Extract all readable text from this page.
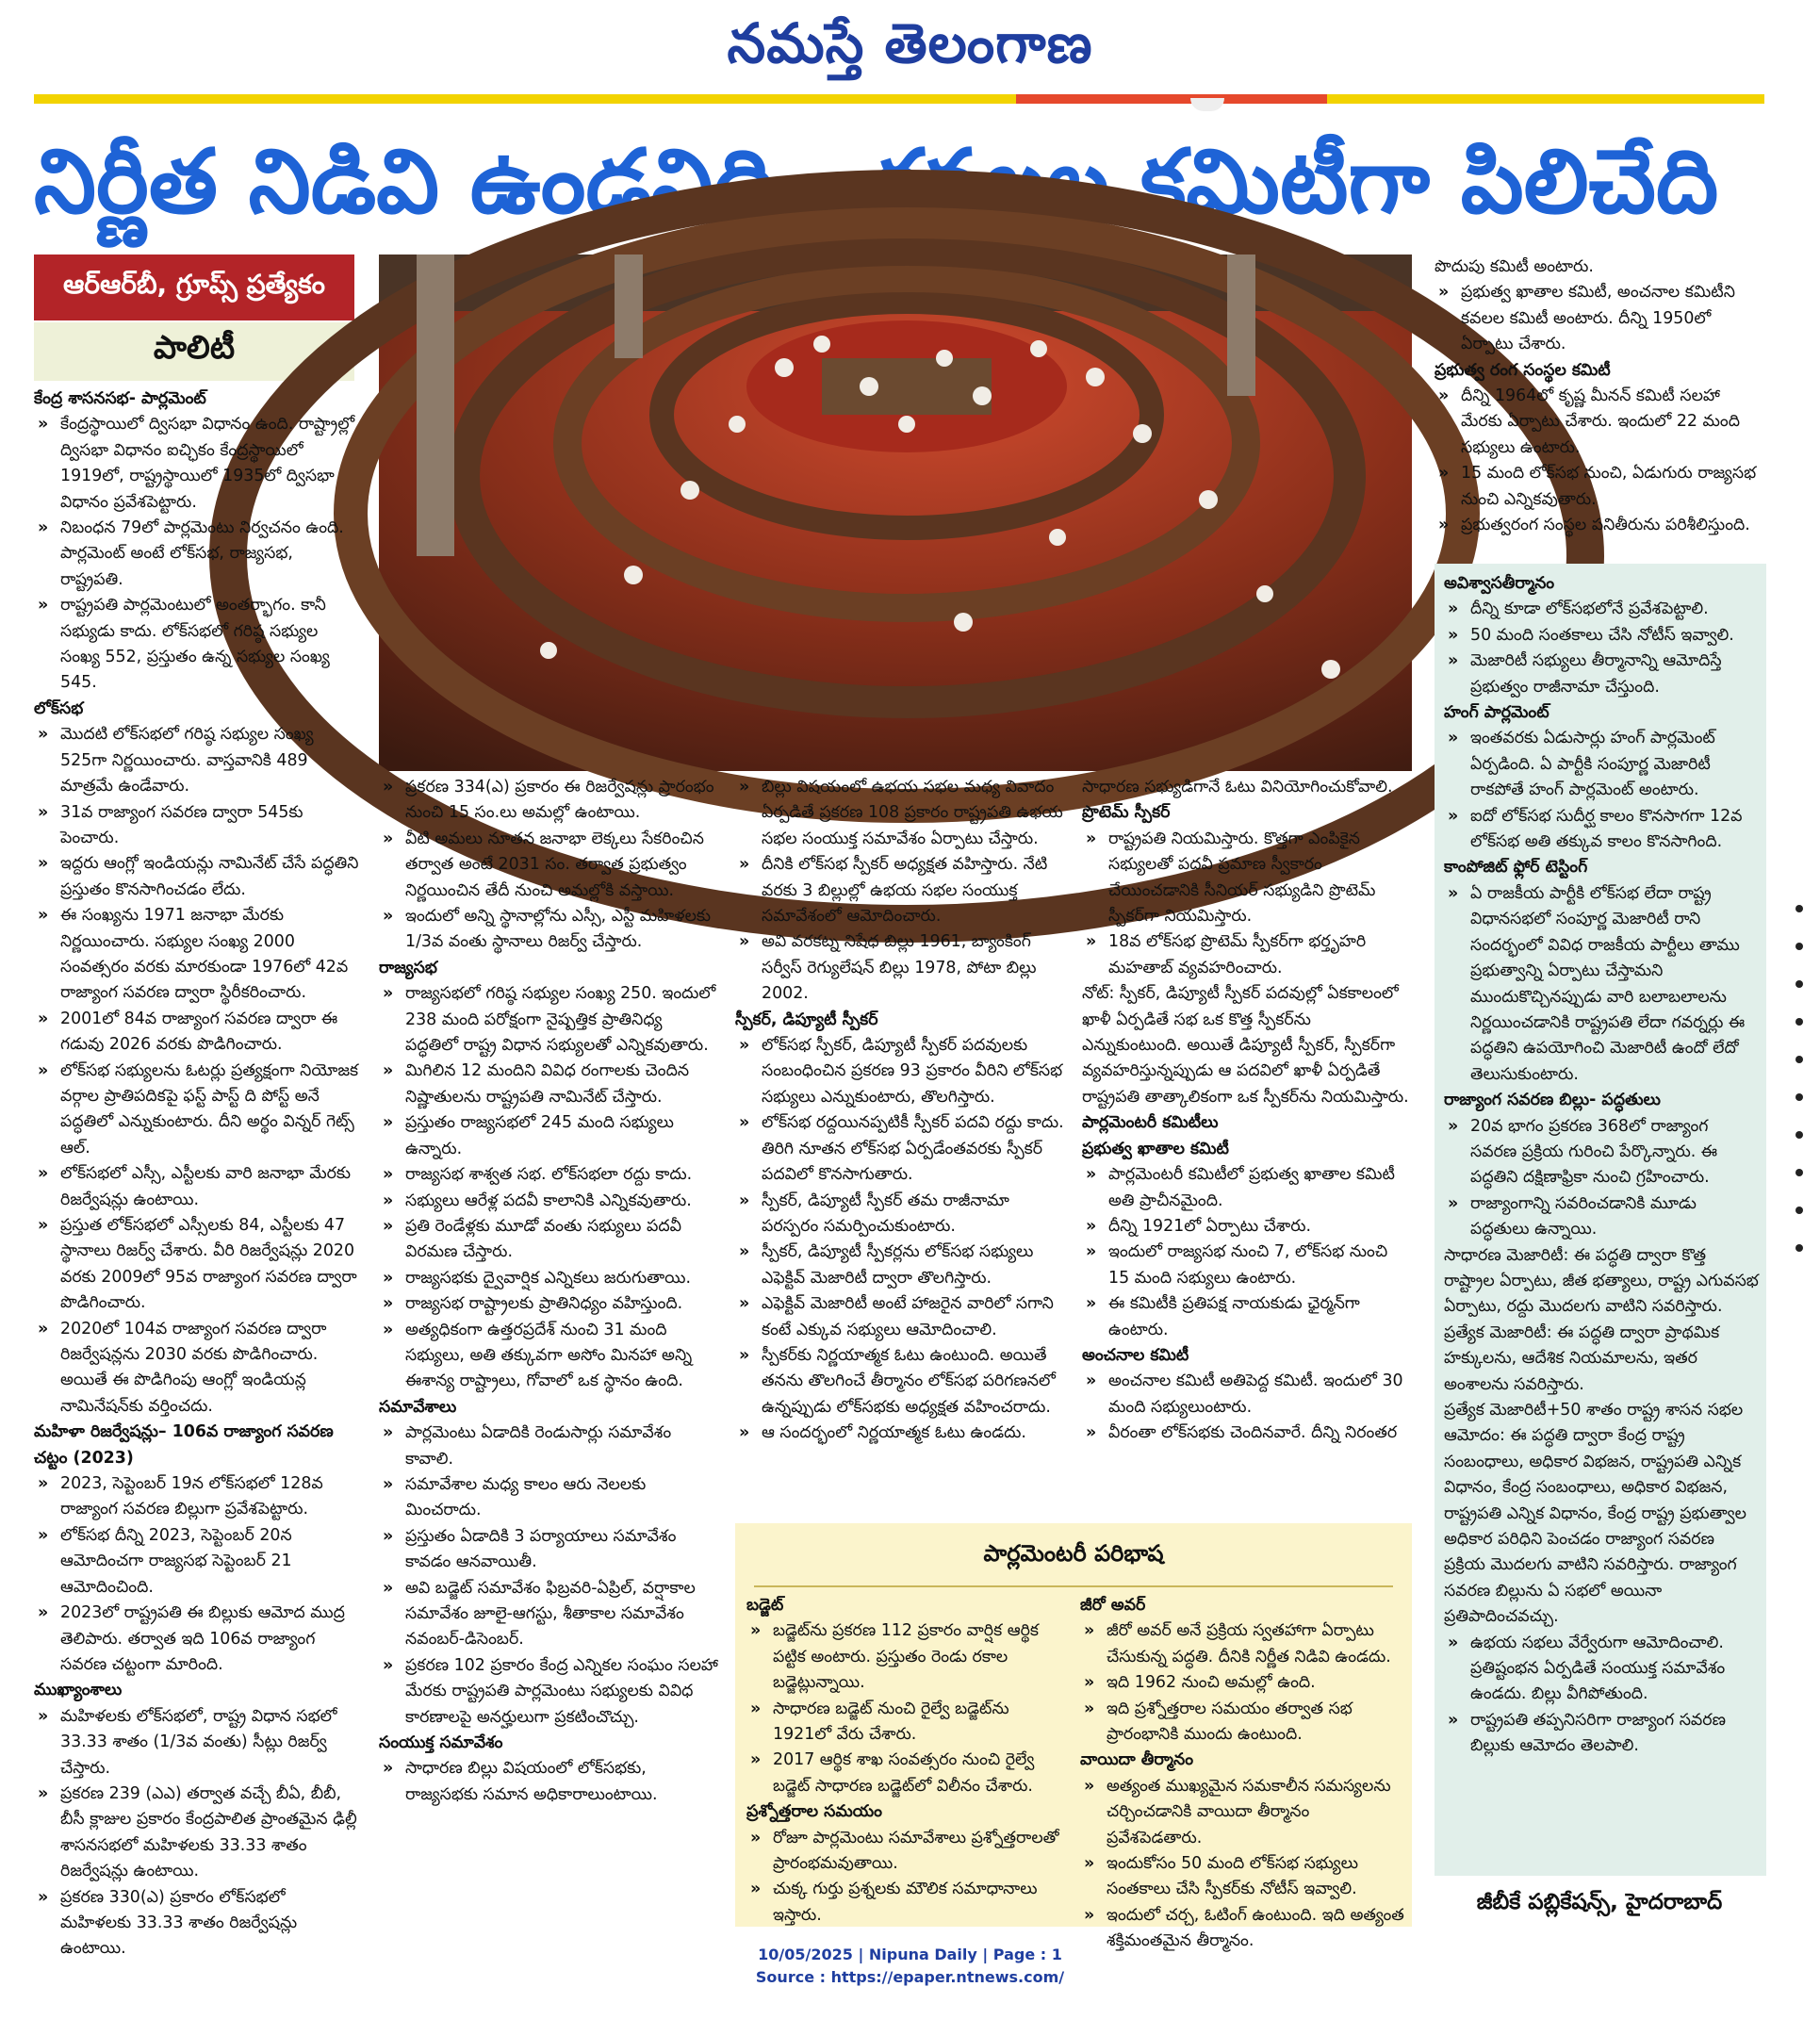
నమస్తే తెలంగాణ
నిర్ణీత నిడివి ఉండనిది.. కవలల కమిటీగా పిలిచేది
ఆర్ఆర్‌బీ, గ్రూప్స్ ప్రత్యేకం
పాలిటీ

కేంద్ర శాసనసభ- పార్లమెంట్

» కేంద్రస్థాయిలో ద్విసభా విధానం ఉంది. రాష్ట్రాల్లో ద్విసభా విధానం ఐచ్ఛికం కేంద్రస్థాయిలో 1919లో, రాష్ట్రస్థాయిలో 1935లో ద్విసభా విధానం ప్రవేశపెట్టారు.

» నిబంధన 79లో పార్లమెంటు నిర్వచనం ఉంది. పార్లమెంట్ అంటే లోక్‌సభ, రాజ్యసభ, రాష్ట్రపతి.

» రాష్ట్రపతి పార్లమెంటులో అంతర్భాగం. కానీ సభ్యుడు కాదు. లోక్‌సభలో గరిష్ఠ సభ్యుల సంఖ్య 552, ప్రస్తుతం ఉన్న సభ్యుల సంఖ్య 545.

లోక్‌సభ

» మొదటి లోక్‌సభలో గరిష్ఠ సభ్యుల సంఖ్య 525గా నిర్ణయించారు. వాస్తవానికి 489 మాత్రమే ఉండేవారు.

» 31వ రాజ్యాంగ సవరణ ద్వారా 545కు పెంచారు.

» ఇద్దరు ఆంగ్లో ఇండియన్లు నామినేట్ చేసే పద్ధతిని ప్రస్తుతం కొనసాగించడం లేదు.

» ఈ సంఖ్యను 1971 జనాభా మేరకు నిర్ణయించారు. సభ్యుల సంఖ్య 2000 సంవత్సరం వరకు మారకుండా 1976లో 42వ రాజ్యాంగ సవరణ ద్వారా స్థిరీకరించారు.

» 2001లో 84వ రాజ్యాంగ సవరణ ద్వారా ఈ గడువు 2026 వరకు పొడిగించారు.

» లోక్‌సభ సభ్యులను ఓటర్లు ప్రత్యక్షంగా నియోజక వర్గాల ప్రాతిపదికపై ఫస్ట్ పాస్ట్ ది పోస్ట్ అనే పద్ధతిలో ఎన్నుకుంటారు. దీని అర్థం విన్నర్ గెట్స్ ఆల్.

» లోక్‌సభలో ఎస్సీ, ఎస్టీలకు వారి జనాభా మేరకు రిజర్వేషన్లు ఉంటాయి.

» ప్రస్తుత లోక్‌సభలో ఎస్సీలకు 84, ఎస్టీలకు 47 స్థానాలు రిజర్వ్ చేశారు. వీరి రిజర్వేషన్లు 2020 వరకు 2009లో 95వ రాజ్యాంగ సవరణ ద్వారా పొడిగించారు.

» 2020లో 104వ రాజ్యాంగ సవరణ ద్వారా రిజర్వేషన్లను 2030 వరకు పొడిగించారు. అయితే ఈ పొడిగింపు ఆంగ్లో ఇండియన్ల నామినేషన్‌కు వర్తించదు.

మహిళా రిజర్వేషన్లు– 106వ రాజ్యాంగ సవరణ చట్టం (2023)

» 2023, సెప్టెంబర్ 19న లోక్‌సభలో 128వ రాజ్యాంగ సవరణ బిల్లుగా ప్రవేశపెట్టారు.

» లోక్‌సభ దీన్ని 2023, సెప్టెంబర్ 20న ఆమోదించగా రాజ్యసభ సెప్టెంబర్ 21 ఆమోదించింది.

» 2023లో రాష్ట్రపతి ఈ బిల్లుకు ఆమోద ముద్ర తెలిపారు. తర్వాత ఇది 106వ రాజ్యాంగ సవరణ చట్టంగా మారింది.

ముఖ్యాంశాలు

» మహిళలకు లోక్‌సభలో, రాష్ట్ర విధాన సభలో 33.33 శాతం (1/3వ వంతు) సీట్లు రిజర్వ్ చేస్తారు.

» ప్రకరణ 239 (ఎఎ) తర్వాత వచ్చే బీఏ, బీబీ, బీసీ క్లాజుల ప్రకారం కేంద్రపాలిత ప్రాంతమైన ఢిల్లీ శాసనసభలో మహిళలకు 33.33 శాతం రిజర్వేషన్లు ఉంటాయి.

» ప్రకరణ 330(ఎ) ప్రకారం లోక్‌సభలో మహిళలకు 33.33 శాతం రిజర్వేషన్లు ఉంటాయి.

» ప్రకరణ 334(ఎ) ప్రకారం ఈ రిజర్వేషన్లు ప్రారంభం నుంచి 15 సం.లు అమల్లో ఉంటాయి.

» వీటి అమలు నూతన జనాభా లెక్కలు సేకరించిన తర్వాత అంటే 2031 సం. తర్వాత ప్రభుత్వం నిర్ణయించిన తేదీ నుంచి అమల్లోకి వస్తాయి.

» ఇందులో అన్ని స్థానాల్లోను ఎస్సీ, ఎస్టీ మహిళలకు 1/3వ వంతు స్థానాలు రిజర్వ్ చేస్తారు.

రాజ్యసభ

» రాజ్యసభలో గరిష్ఠ సభ్యుల సంఖ్య 250. ఇందులో 238 మంది పరోక్షంగా నైష్పత్తిక ప్రాతినిధ్య పద్ధతిలో రాష్ట్ర విధాన సభ్యులతో ఎన్నికవుతారు.

» మిగిలిన 12 మందిని వివిధ రంగాలకు చెందిన నిష్ణాతులను రాష్ట్రపతి నామినేట్ చేస్తారు.

» ప్రస్తుతం రాజ్యసభలో 245 మంది సభ్యులు ఉన్నారు.

» రాజ్యసభ శాశ్వత సభ. లోక్‌సభలా రద్దు కాదు.

» సభ్యులు ఆరేళ్ల పదవీ కాలానికి ఎన్నికవుతారు.

» ప్రతి రెండేళ్లకు మూడో వంతు సభ్యులు పదవీ విరమణ చేస్తారు.

» రాజ్యసభకు ద్వైవార్షిక ఎన్నికలు జరుగుతాయి.

» రాజ్యసభ రాష్ట్రాలకు ప్రాతినిధ్యం వహిస్తుంది.

» అత్యధికంగా ఉత్తరప్రదేశ్ నుంచి 31 మంది సభ్యులు, అతి తక్కువగా అసోం మినహా అన్ని ఈశాన్య రాష్ట్రాలు, గోవాలో ఒక స్థానం ఉంది.

సమావేశాలు

» పార్లమెంటు ఏడాదికి రెండుసార్లు సమావేశం కావాలి.

» సమావేశాల మధ్య కాలం ఆరు నెలలకు మించరాదు.

» ప్రస్తుతం ఏడాదికి 3 పర్యాయాలు సమావేశం కావడం ఆనవాయితీ.

» అవి బడ్జెట్ సమావేశం ఫిబ్రవరి-ఏప్రిల్, వర్షాకాల సమావేశం జూలై-ఆగస్టు, శీతాకాల సమావేశం నవంబర్-డిసెంబర్.

» ప్రకరణ 102 ప్రకారం కేంద్ర ఎన్నికల సంఘం సలహా మేరకు రాష్ట్రపతి పార్లమెంటు సభ్యులకు వివిధ కారణాలపై అనర్హులుగా ప్రకటించొచ్చు.

సంయుక్త సమావేశం

» సాధారణ బిల్లు విషయంలో లోక్‌సభకు, రాజ్యసభకు సమాన అధికారాలుంటాయి.

» బిల్లు విషయంలో ఉభయ సభల మధ్య వివాదం ఏర్పడితే ప్రకరణ 108 ప్రకారం రాష్ట్రపతి ఉభయ సభల సంయుక్త సమావేశం ఏర్పాటు చేస్తారు.

» దీనికి లోక్‌సభ స్పీకర్ అధ్యక్షత వహిస్తారు. నేటి వరకు 3 బిల్లుల్లో ఉభయ సభల సంయుక్త సమావేశంలో ఆమోదించారు.

» అవి వరకట్న నిషేధ బిల్లు 1961, బ్యాంకింగ్ సర్వీస్ రెగ్యులేషన్ బిల్లు 1978, పోటా బిల్లు 2002.

స్పీకర్, డిప్యూటీ స్పీకర్

» లోక్‌సభ స్పీకర్, డిప్యూటీ స్పీకర్ పదవులకు సంబంధించిన ప్రకరణ 93 ప్రకారం వీరిని లోక్‌సభ సభ్యులు ఎన్నుకుంటారు, తొలగిస్తారు.

» లోక్‌సభ రద్దయినప్పటికీ స్పీకర్ పదవి రద్దు కాదు. తిరిగి నూతన లోక్‌సభ ఏర్పడేంతవరకు స్పీకర్ పదవిలో కొనసాగుతారు.

» స్పీకర్, డిప్యూటీ స్పీకర్ తమ రాజీనామా పరస్పరం సమర్పించుకుంటారు.

» స్పీకర్, డిప్యూటీ స్పీకర్లను లోక్‌సభ సభ్యులు ఎఫెక్టివ్ మెజారిటీ ద్వారా తొలగిస్తారు.

» ఎఫెక్టివ్ మెజారిటీ అంటే హాజరైన వారిలో సగాని కంటే ఎక్కువ సభ్యులు ఆమోదించాలి.

» స్పీకర్‌కు నిర్ణయాత్మక ఓటు ఉంటుంది. అయితే తనను తొలగించే తీర్మానం లోక్‌సభ పరిగణనలో ఉన్నప్పుడు లోక్‌సభకు అధ్యక్షత వహించరాదు.

» ఆ సందర్భంలో నిర్ణయాత్మక ఓటు ఉండదు.

సాధారణ సభ్యుడిగానే ఓటు వినియోగించుకోవాలి.

ప్రొటెమ్ స్పీకర్

» రాష్ట్రపతి నియమిస్తారు. కొత్తగా ఎంపికైన సభ్యులతో పదవీ ప్రమాణ స్వీకారం చేయించడానికి సీనియర్ సభ్యుడిని ప్రొటెమ్ స్పీకర్‌గా నియమిస్తారు.

» 18వ లోక్‌సభ ప్రొటెమ్ స్పీకర్‌గా భర్తృహరి మహతాబ్ వ్యవహరించారు.

నోట్: స్పీకర్, డిప్యూటీ స్పీకర్ పదవుల్లో ఏకకాలంలో ఖాళీ ఏర్పడితే సభ ఒక కొత్త స్పీకర్‌ను ఎన్నుకుంటుంది. అయితే డిప్యూటీ స్పీకర్, స్పీకర్‌గా వ్యవహరిస్తున్నప్పుడు ఆ పదవిలో ఖాళీ ఏర్పడితే రాష్ట్రపతి తాత్కాలికంగా ఒక స్పీకర్‌ను నియమిస్తారు.

పార్లమెంటరీ కమిటీలు

ప్రభుత్వ ఖాతాల కమిటీ

» పార్లమెంటరీ కమిటీలో ప్రభుత్వ ఖాతాల కమిటీ అతి ప్రాచీనమైంది.

» దీన్ని 1921లో ఏర్పాటు చేశారు.

» ఇందులో రాజ్యసభ నుంచి 7, లోక్‌సభ నుంచి 15 మంది సభ్యులు ఉంటారు.

» ఈ కమిటీకి ప్రతిపక్ష నాయకుడు ఛైర్మన్‌గా ఉంటారు.

అంచనాల కమిటీ

» అంచనాల కమిటీ అతిపెద్ద కమిటీ. ఇందులో 30 మంది సభ్యులుంటారు.

» వీరంతా లోక్‌సభకు చెందినవారే. దీన్ని నిరంతర

పొదుపు కమిటీ అంటారు.

» ప్రభుత్వ ఖాతాల కమిటీ, అంచనాల కమిటీని కవలల కమిటీ అంటారు. దీన్ని 1950లో ఏర్పాటు చేశారు.

ప్రభుత్వ రంగ సంస్థల కమిటీ

» దీన్ని 1964లో కృష్ణ మీనన్ కమిటీ సలహా మేరకు ఏర్పాటు చేశారు. ఇందులో 22 మంది సభ్యులు ఉంటారు.

» 15 మంది లోక్‌సభ నుంచి, ఏడుగురు రాజ్యసభ నుంచి ఎన్నికవుతారు.

» ప్రభుత్వరంగ సంస్థల పనితీరును పరిశీలిస్తుంది.

అవిశ్వాసతీర్మానం

» దీన్ని కూడా లోక్‌సభలోనే ప్రవేశపెట్టాలి.

» 50 మంది సంతకాలు చేసి నోటీస్ ఇవ్వాలి.

» మెజారిటీ సభ్యులు తీర్మానాన్ని ఆమోదిస్తే ప్రభుత్వం రాజీనామా చేస్తుంది.

హంగ్ పార్లమెంట్

» ఇంతవరకు ఏడుసార్లు హంగ్ పార్లమెంట్ ఏర్పడింది. ఏ పార్టీకి సంపూర్ణ మెజారిటీ రాకపోతే హంగ్ పార్లమెంట్ అంటారు.

» ఐదో లోక్‌సభ సుదీర్ఘ కాలం కొనసాగగా 12వ లోక్‌సభ అతి తక్కువ కాలం కొనసాగింది.

కాంపోజిట్ ఫ్లోర్ టెస్టింగ్

» ఏ రాజకీయ పార్టీకి లోక్‌సభ లేదా రాష్ట్ర విధానసభలో సంపూర్ణ మెజారిటీ రాని సందర్భంలో వివిధ రాజకీయ పార్టీలు తాము ప్రభుత్వాన్ని ఏర్పాటు చేస్తామని ముందుకొచ్చినప్పుడు వారి బలాబలాలను నిర్ణయించడానికి రాష్ట్రపతి లేదా గవర్నర్లు ఈ పద్ధతిని ఉపయోగించి మెజారిటీ ఉందో లేదో తెలుసుకుంటారు.

రాజ్యాంగ సవరణ బిల్లు- పద్ధతులు

» 20వ భాగం ప్రకరణ 368లో రాజ్యాంగ సవరణ ప్రక్రియ గురించి పేర్కొన్నారు. ఈ పద్ధతిని దక్షిణాఫ్రికా నుంచి గ్రహించారు.

» రాజ్యాంగాన్ని సవరించడానికి మూడు పద్ధతులు ఉన్నాయి.

సాధారణ మెజారిటీ: ఈ పద్ధతి ద్వారా కొత్త రాష్ట్రాల ఏర్పాటు, జీత భత్యాలు, రాష్ట్ర ఎగువసభ ఏర్పాటు, రద్దు మొదలగు వాటిని సవరిస్తారు.

ప్రత్యేక మెజారిటీ: ఈ పద్ధతి ద్వారా ప్రాథమిక హక్కులను, ఆదేశిక నియమాలను, ఇతర అంశాలను సవరిస్తారు.

ప్రత్యేక మెజారిటీ+50 శాతం రాష్ట్ర శాసన సభల ఆమోదం: ఈ పద్ధతి ద్వారా కేంద్ర రాష్ట్ర సంబంధాలు, అధికార విభజన, రాష్ట్రపతి ఎన్నిక విధానం, కేంద్ర సంబంధాలు, అధికార విభజన, రాష్ట్రపతి ఎన్నిక విధానం, కేంద్ర రాష్ట్ర ప్రభుత్వాల అధికార పరిధిని పెంచడం రాజ్యాంగ సవరణ ప్రక్రియ మొదలగు వాటిని సవరిస్తారు. రాజ్యాంగ సవరణ బిల్లును ఏ సభలో అయినా ప్రతిపాదించవచ్చు.

» ఉభయ సభలు వేర్వేరుగా ఆమోదించాలి. ప్రతిష్టంభన ఏర్పడితే సంయుక్త సమావేశం ఉండదు. బిల్లు వీగిపోతుంది.

» రాష్ట్రపతి తప్పనిసరిగా రాజ్యాంగ సవరణ బిల్లుకు ఆమోదం తెలపాలి.

పార్లమెంటరీ పరిభాష

బడ్జెట్

» బడ్జెట్‌ను ప్రకరణ 112 ప్రకారం వార్షిక ఆర్థిక పట్టిక అంటారు. ప్రస్తుతం రెండు రకాల బడ్జెట్లున్నాయి.

» సాధారణ బడ్జెట్ నుంచి రైల్వే బడ్జెట్‌ను 1921లో వేరు చేశారు.

» 2017 ఆర్థిక శాఖ సంవత్సరం నుంచి రైల్వే బడ్జెట్ సాధారణ బడ్జెట్‌లో విలీనం చేశారు.

ప్రశ్నోత్తరాల సమయం

» రోజూ పార్లమెంటు సమావేశాలు ప్రశ్నోత్తరాలతో ప్రారంభమవుతాయి.

» చుక్క గుర్తు ప్రశ్నలకు మౌలిక సమాధానాలు ఇస్తారు.

జీరో అవర్

» జీరో అవర్ అనే ప్రక్రియ స్వతహాగా ఏర్పాటు చేసుకున్న పద్ధతి. దీనికి నిర్ణీత నిడివి ఉండదు.

» ఇది 1962 నుంచి అమల్లో ఉంది.

» ఇది ప్రశ్నోత్తరాల సమయం తర్వాత సభ ప్రారంభానికి ముందు ఉంటుంది.

వాయిదా తీర్మానం

» అత్యంత ముఖ్యమైన సమకాలీన సమస్యలను చర్చించడానికి వాయిదా తీర్మానం ప్రవేశపెడతారు.

» ఇందుకోసం 50 మంది లోక్‌సభ సభ్యులు సంతకాలు చేసి స్పీకర్‌కు నోటీస్ ఇవ్వాలి.

» ఇందులో చర్చ, ఓటింగ్ ఉంటుంది. ఇది అత్యంత శక్తిమంతమైన తీర్మానం.

జీబీకే పబ్లికేషన్స్, హైదరాబాద్
10/05/2025 | Nipuna Daily | Page : 1
Source : https://epaper.ntnews.com/
